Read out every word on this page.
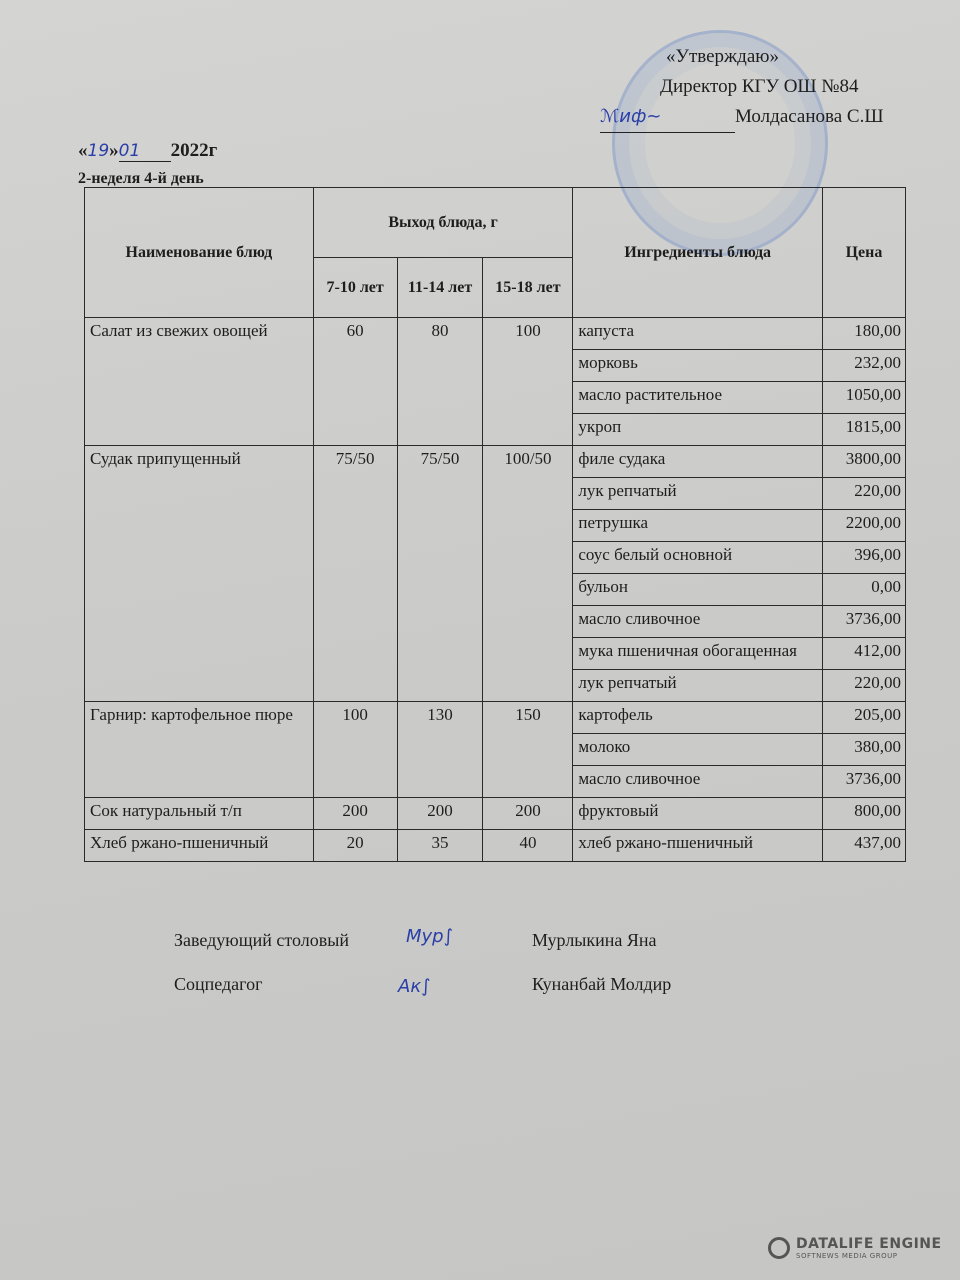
«Утверждаю»
Директор КГУ ОШ №84
ℳиф~	Молдасанова С.Ш
«19»01 2022г
2-неделя 4-й день
Наименование блюд	Выход блюда, г			Ингредиенты блюда	Цена
	7-10 лет	11-14 лет	15-18 лет		
Салат из свежих овощей	60	80	100	капуста	180,00
				морковь	232,00
				масло растительное	1050,00
				укроп	1815,00
Судак припущенный	75/50	75/50	100/50	филе судака	3800,00
				лук репчатый	220,00
				петрушка	2200,00
				соус белый основной	396,00
				бульон	0,00
				масло сливочное	3736,00
				мука пшеничная обогащенная	412,00
				лук репчатый	220,00
Гарнир: картофельное пюре	100	130	150	картофель	205,00
				молоко	380,00
				масло сливочное	3736,00
Сок натуральный т/п	200	200	200	фруктовый	800,00
Хлеб ржано-пшеничный	20	35	40	хлеб ржано-пшеничный	437,00
Заведующий столовый	Мур∫	Мурлыкина Яна
Соцпедагог	Ак∫	Кунанбай Молдир
DATALIFE ENGINE
SOFTNEWS MEDIA GROUP
